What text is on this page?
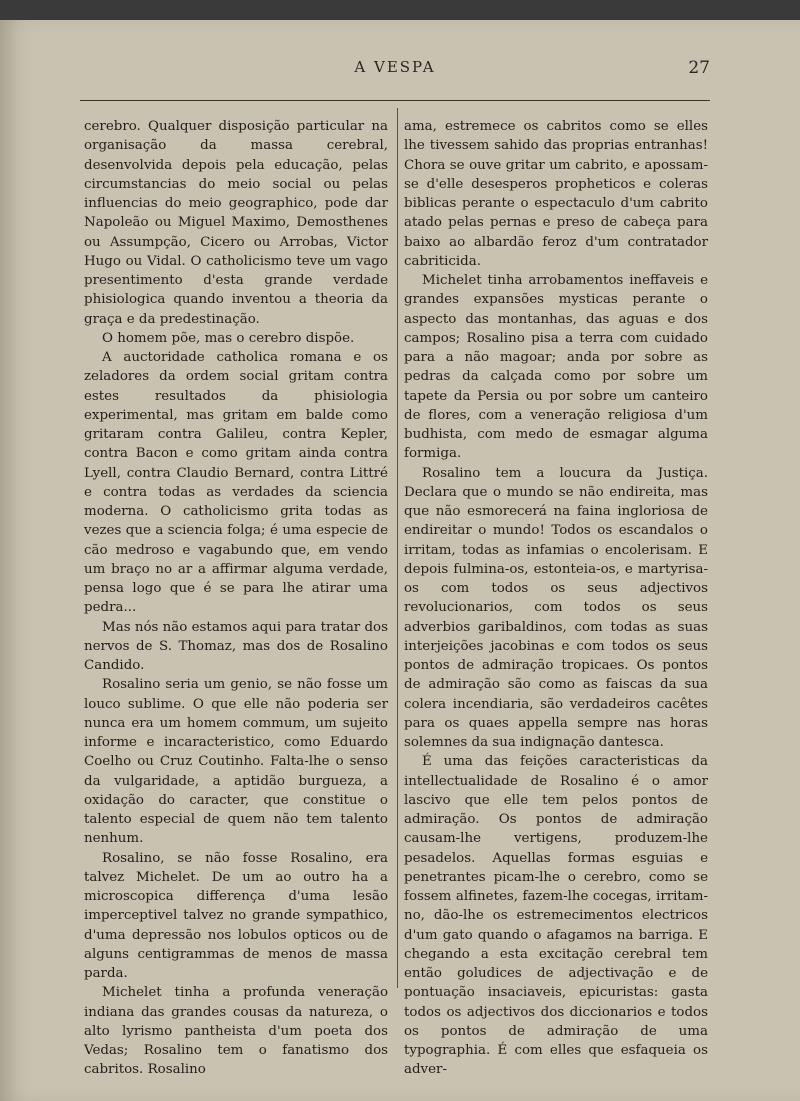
A VESPA	27

cerebro. Qualquer disposição particular na organisação da massa cerebral, desenvolvida depois pela educação, pelas circumstancias do meio social ou pelas influencias do meio geographico, pode dar Napoleão ou Miguel Maximo, Demosthenes ou Assumpção, Cicero ou Arrobas, Victor Hugo ou Vidal. O catholicismo teve um vago presentimento d'esta grande verdade phisiologica quando inventou a theoria da graça e da predestinação.

O homem põe, mas o cerebro dispõe.

A auctoridade catholica romana e os zeladores da ordem social gritam contra estes resultados da phisiologia experimental, mas gritam em balde como gritaram contra Galileu, contra Kepler, contra Bacon e como gritam ainda contra Lyell, contra Claudio Bernard, contra Littré e contra todas as verdades da sciencia moderna. O catholicismo grita todas as vezes que a sciencia folga; é uma especie de cão medroso e vagabundo que, em vendo um braço no ar a affirmar alguma verdade, pensa logo que é se para lhe atirar uma pedra...

Mas nós não estamos aqui para tratar dos nervos de S. Thomaz, mas dos de Rosalino Candido.

Rosalino seria um genio, se não fosse um louco sublime. O que elle não poderia ser nunca era um homem commum, um sujeito informe e incaracteristico, como Eduardo Coelho ou Cruz Coutinho. Falta-lhe o senso da vulgaridade, a aptidão burgueza, a oxidação do caracter, que constitue o talento especial de quem não tem talento nenhum.

Rosalino, se não fosse Rosalino, era talvez Michelet. De um ao outro ha a microscopica differença d'uma lesão imperceptivel talvez no grande sympathico, d'uma depressão nos lobulos opticos ou de alguns centigrammas de menos de massa parda.

Michelet tinha a profunda veneração indiana das grandes cousas da natureza, o alto lyrismo pantheista d'um poeta dos Vedas; Rosalino tem o fanatismo dos cabritos. Rosalino

ama, estremece os cabritos como se elles lhe tivessem sahido das proprias entranhas! Chora se ouve gritar um cabrito, e apossam-se d'elle desesperos propheticos e coleras biblicas perante o espectaculo d'um cabrito atado pelas pernas e preso de cabeça para baixo ao albardão feroz d'um contratador cabriticida.

Michelet tinha arrobamentos ineffaveis e grandes expansões mysticas perante o aspecto das montanhas, das aguas e dos campos; Rosalino pisa a terra com cuidado para a não magoar; anda por sobre as pedras da calçada como por sobre um tapete da Persia ou por sobre um canteiro de flores, com a veneração religiosa d'um budhista, com medo de esmagar alguma formiga.

Rosalino tem a loucura da Justiça. Declara que o mundo se não endireita, mas que não esmorecerá na faina ingloriosa de endireitar o mundo! Todos os escandalos o irritam, todas as infamias o encolerisam. E depois fulmina-os, estonteia-os, e martyrisa-os com todos os seus adjectivos revolucionarios, com todos os seus adverbios garibaldinos, com todas as suas interjeições jacobinas e com todos os seus pontos de admiração tropicaes. Os pontos de admiração são como as faiscas da sua colera incendiaria, são verdadeiros cacêtes para os quaes appella sempre nas horas solemnes da sua indignação dantesca.

É uma das feições caracteristicas da intellectualidade de Rosalino é o amor lascivo que elle tem pelos pontos de admiração. Os pontos de admiração causam-lhe vertigens, produzem-lhe pesadelos. Aquellas formas esguias e penetrantes picam-lhe o cerebro, como se fossem alfinetes, fazem-lhe cocegas, irritam-no, dão-lhe os estremecimentos electricos d'um gato quando o afagamos na barriga. E chegando a esta excitação cerebral tem então goludices de adjectivação e de pontuação insaciaveis, epicuristas: gasta todos os adjectivos dos diccionarios e todos os pontos de admiração de uma typographia. É com elles que esfaqueia os adver-
